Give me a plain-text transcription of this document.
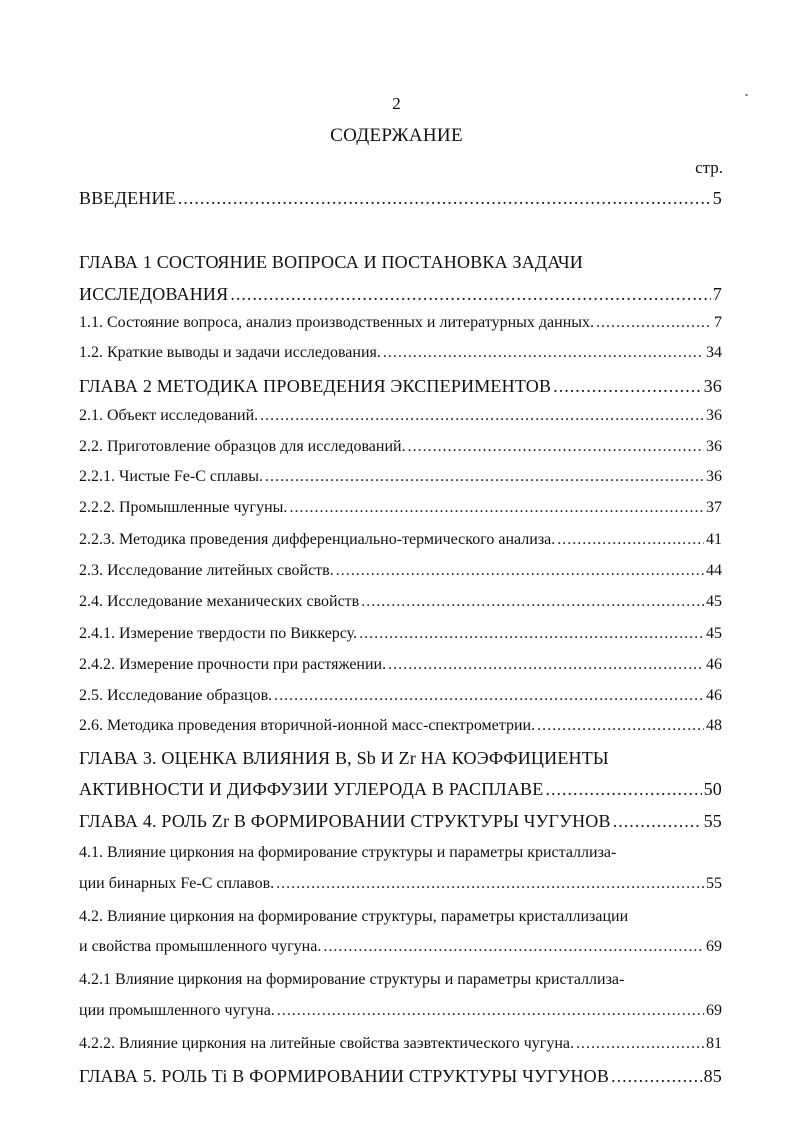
2
СОДЕРЖАНИЕ
стр.
ВВЕДЕНИЕ .....	5
ГЛАВА 1 СОСТОЯНИЕ ВОПРОСА И ПОСТАНОВКА ЗАДАЧИ
ИССЛЕДОВАНИЯ .....	7
1.1. Состояние вопроса, анализ производственных и литературных данных. .....	7
1.2. Краткие выводы и задачи исследования. .....	34
ГЛАВА 2 МЕТОДИКА ПРОВЕДЕНИЯ ЭКСПЕРИМЕНТОВ .....	36
2.1. Объект исследований. .....	36
2.2. Приготовление образцов для исследований. .....	36
2.2.1. Чистые Fe-C сплавы. .....	36
2.2.2. Промышленные чугуны. .....	37
2.2.3. Методика проведения дифференциально-термического анализа. .....	41
2.3. Исследование литейных свойств. .....	44
2.4. Исследование механических свойств .....	45
2.4.1. Измерение твердости по Виккерсу. .....	45
2.4.2. Измерение прочности при растяжении. .....	46
2.5. Исследование образцов. .....	46
2.6. Методика проведения вторичной-ионной масс-спектрометрии. .....	48
ГЛАВА 3. ОЦЕНКА ВЛИЯНИЯ B, Sb И Zr НА КОЭФФИЦИЕНТЫ
АКТИВНОСТИ И ДИФФУЗИИ УГЛЕРОДА В РАСПЛАВЕ .....	50
ГЛАВА 4. РОЛЬ Zr В ФОРМИРОВАНИИ СТРУКТУРЫ ЧУГУНОВ .....	55
4.1. Влияние циркония на формирование структуры и параметры кристаллиза-
ции бинарных Fe-C сплавов. .....	55
4.2. Влияние циркония на формирование структуры, параметры кристаллизации
и свойства промышленного чугуна. .....	69
4.2.1 Влияние циркония на формирование структуры и параметры кристаллиза-
ции промышленного чугуна. .....	69
4.2.2. Влияние циркония на литейные свойства заэвтектического чугуна. .....	81
ГЛАВА 5. РОЛЬ Ti В ФОРМИРОВАНИИ СТРУКТУРЫ ЧУГУНОВ .....	85
